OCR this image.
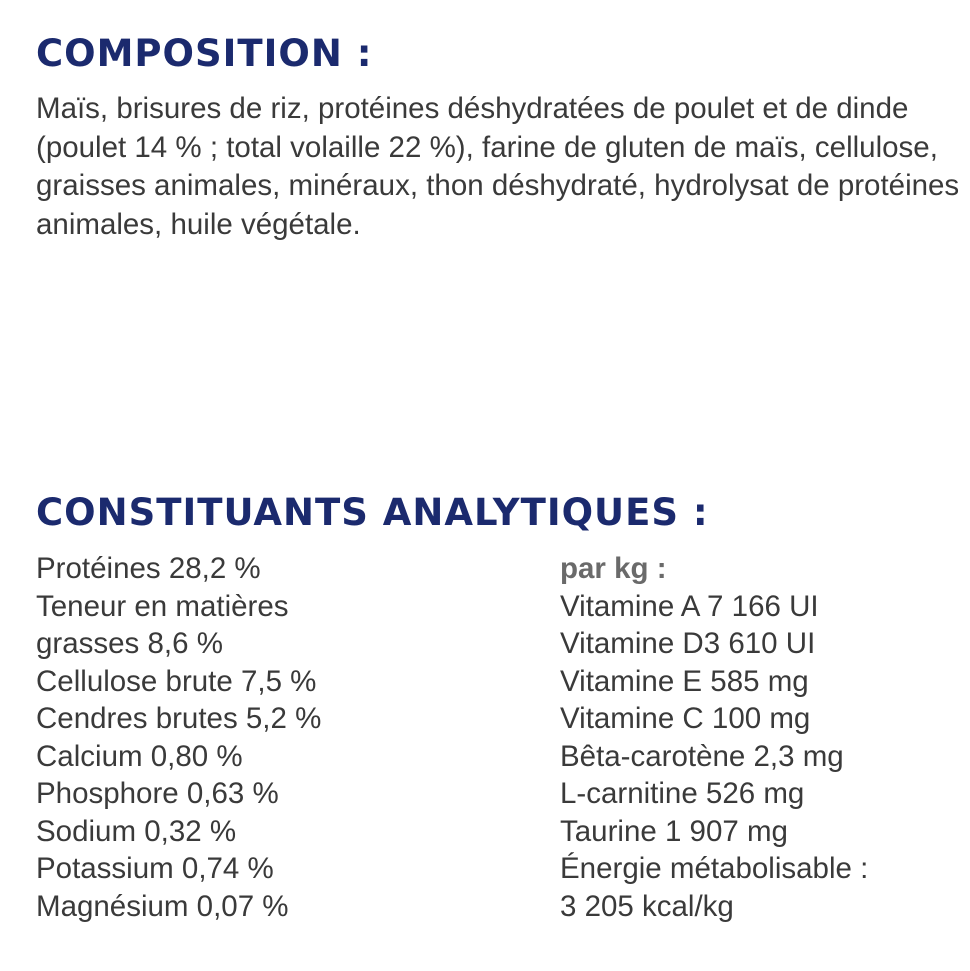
COMPOSITION :

Maïs, brisures de riz, protéines déshydratées de poulet et de dinde (poulet 14 % ; total volaille 22 %), farine de gluten de maïs, cellulose, graisses animales, minéraux, thon déshydraté, hydrolysat de protéines animales, huile végétale.

CONSTITUANTS ANALYTIQUES :
Protéines 28,2 %
Teneur en matières
grasses 8,6 %
Cellulose brute 7,5 %
Cendres brutes 5,2 %
Calcium 0,80 %
Phosphore 0,63 %
Sodium 0,32 %
Potassium 0,74 %
Magnésium 0,07 %
par kg :
Vitamine A 7 166 UI
Vitamine D3 610 UI
Vitamine E 585 mg
Vitamine C 100 mg
Bêta-carotène 2,3 mg
L-carnitine 526 mg
Taurine 1 907 mg
Énergie métabolisable :
3 205 kcal/kg
